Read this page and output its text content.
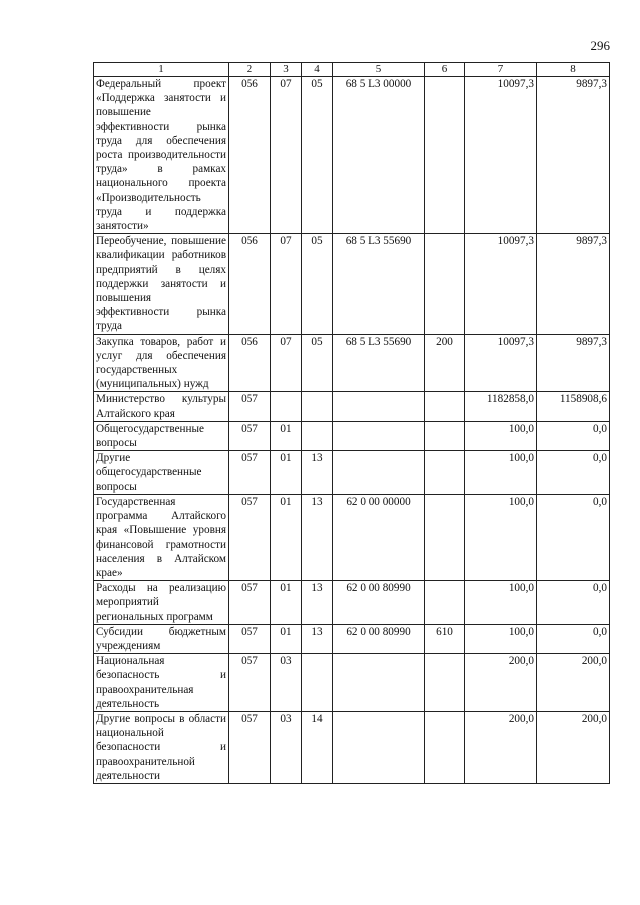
296
1	2	3	4	5	6	7	8
Федеральный проект «Поддержка занятости и повышение эффективности рынка труда для обеспечения роста производительности труда» в рамках национального проекта «Производительность труда и поддержка занятости»	056	07	05	68 5 L3 00000		10097,3	9897,3
Переобучение, повышение квалификации работников предприятий в целях поддержки занятости и повышения эффективности рынка труда	056	07	05	68 5 L3 55690		10097,3	9897,3
Закупка товаров, работ и услуг для обеспечения государственных (муниципальных) нужд	056	07	05	68 5 L3 55690	200	10097,3	9897,3
Министерство культуры Алтайского края	057					1182858,0	1158908,6
Общегосударственные вопросы	057	01				100,0	0,0
Другие общегосударственные вопросы	057	01	13			100,0	0,0
Государственная программа Алтайского края «Повышение уровня финансовой грамотности населения в Алтайском крае»	057	01	13	62 0 00 00000		100,0	0,0
Расходы на реализацию мероприятий региональных программ	057	01	13	62 0 00 80990		100,0	0,0
Субсидии бюджетным учреждениям	057	01	13	62 0 00 80990	610	100,0	0,0
Национальная безопасность и правоохранительная деятельность	057	03				200,0	200,0
Другие вопросы в области национальной безопасности и правоохранительной деятельности	057	03	14			200,0	200,0
